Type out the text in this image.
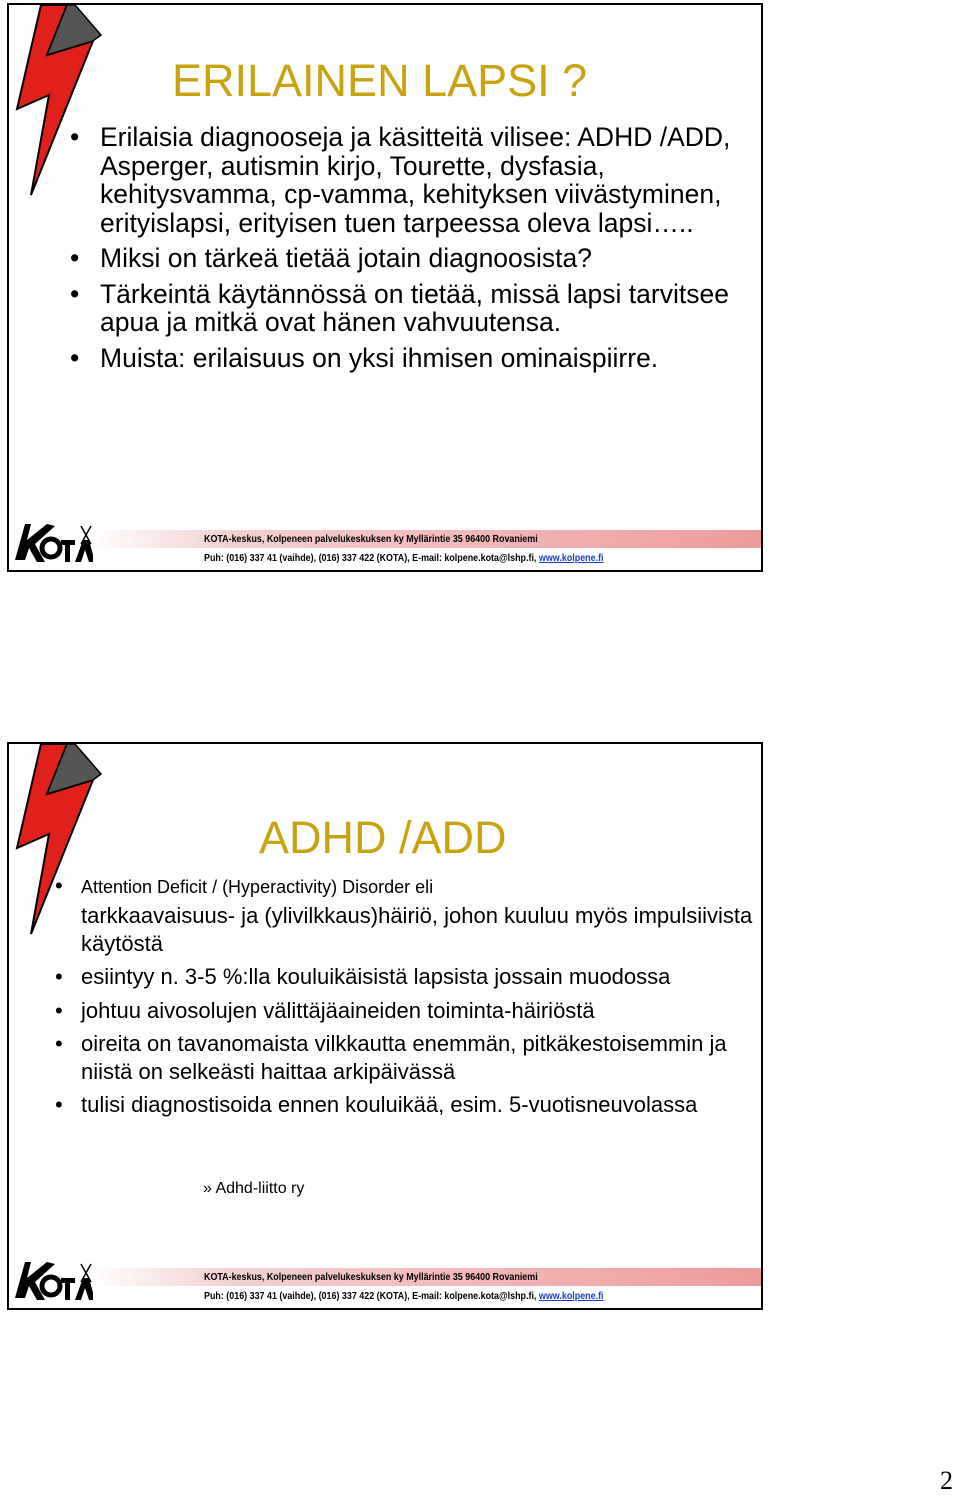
ERILAINEN LAPSI ?
• Erilaisia diagnooseja ja käsitteitä vilisee: ADHD /ADD, Asperger, autismin kirjo, Tourette, dysfasia, kehitysvamma, cp-vamma, kehityksen viivästyminen, erityislapsi, erityisen tuen tarpeessa oleva lapsi…..
• Miksi on tärkeä tietää jotain diagnoosista?
• Tärkeintä käytännössä on tietää, missä lapsi tarvitsee apua ja mitkä ovat hänen vahvuutensa.
• Muista: erilaisuus on yksi ihmisen ominaispiirre.
KOTA-keskus, Kolpeneen palvelukeskuksen ky Myllärintie 35 96400 Rovaniemi
Puh: (016) 337 41 (vaihde), (016) 337 422 (KOTA), E-mail: kolpene.kota@lshp.fi, www.kolpene.fi
ADHD /ADD
• Attention Deficit / (Hyperactivity) Disorder eli
tarkkaavaisuus- ja (ylivilkkaus)häiriö, johon kuuluu myös impulsiivista käytöstä
• esiintyy n. 3-5 %:lla kouluikäisistä lapsista jossain muodossa
• johtuu aivosolujen välittäjäaineiden toiminta-häiriöstä
• oireita on tavanomaista vilkkautta enemmän, pitkäkestoisemmin ja niistä on selkeästi haittaa arkipäivässä
• tulisi diagnostisoida ennen kouluikää, esim. 5-vuotisneuvolassa
» Adhd-liitto ry
KOTA-keskus, Kolpeneen palvelukeskuksen ky Myllärintie 35 96400 Rovaniemi
Puh: (016) 337 41 (vaihde), (016) 337 422 (KOTA), E-mail: kolpene.kota@lshp.fi, www.kolpene.fi
2
